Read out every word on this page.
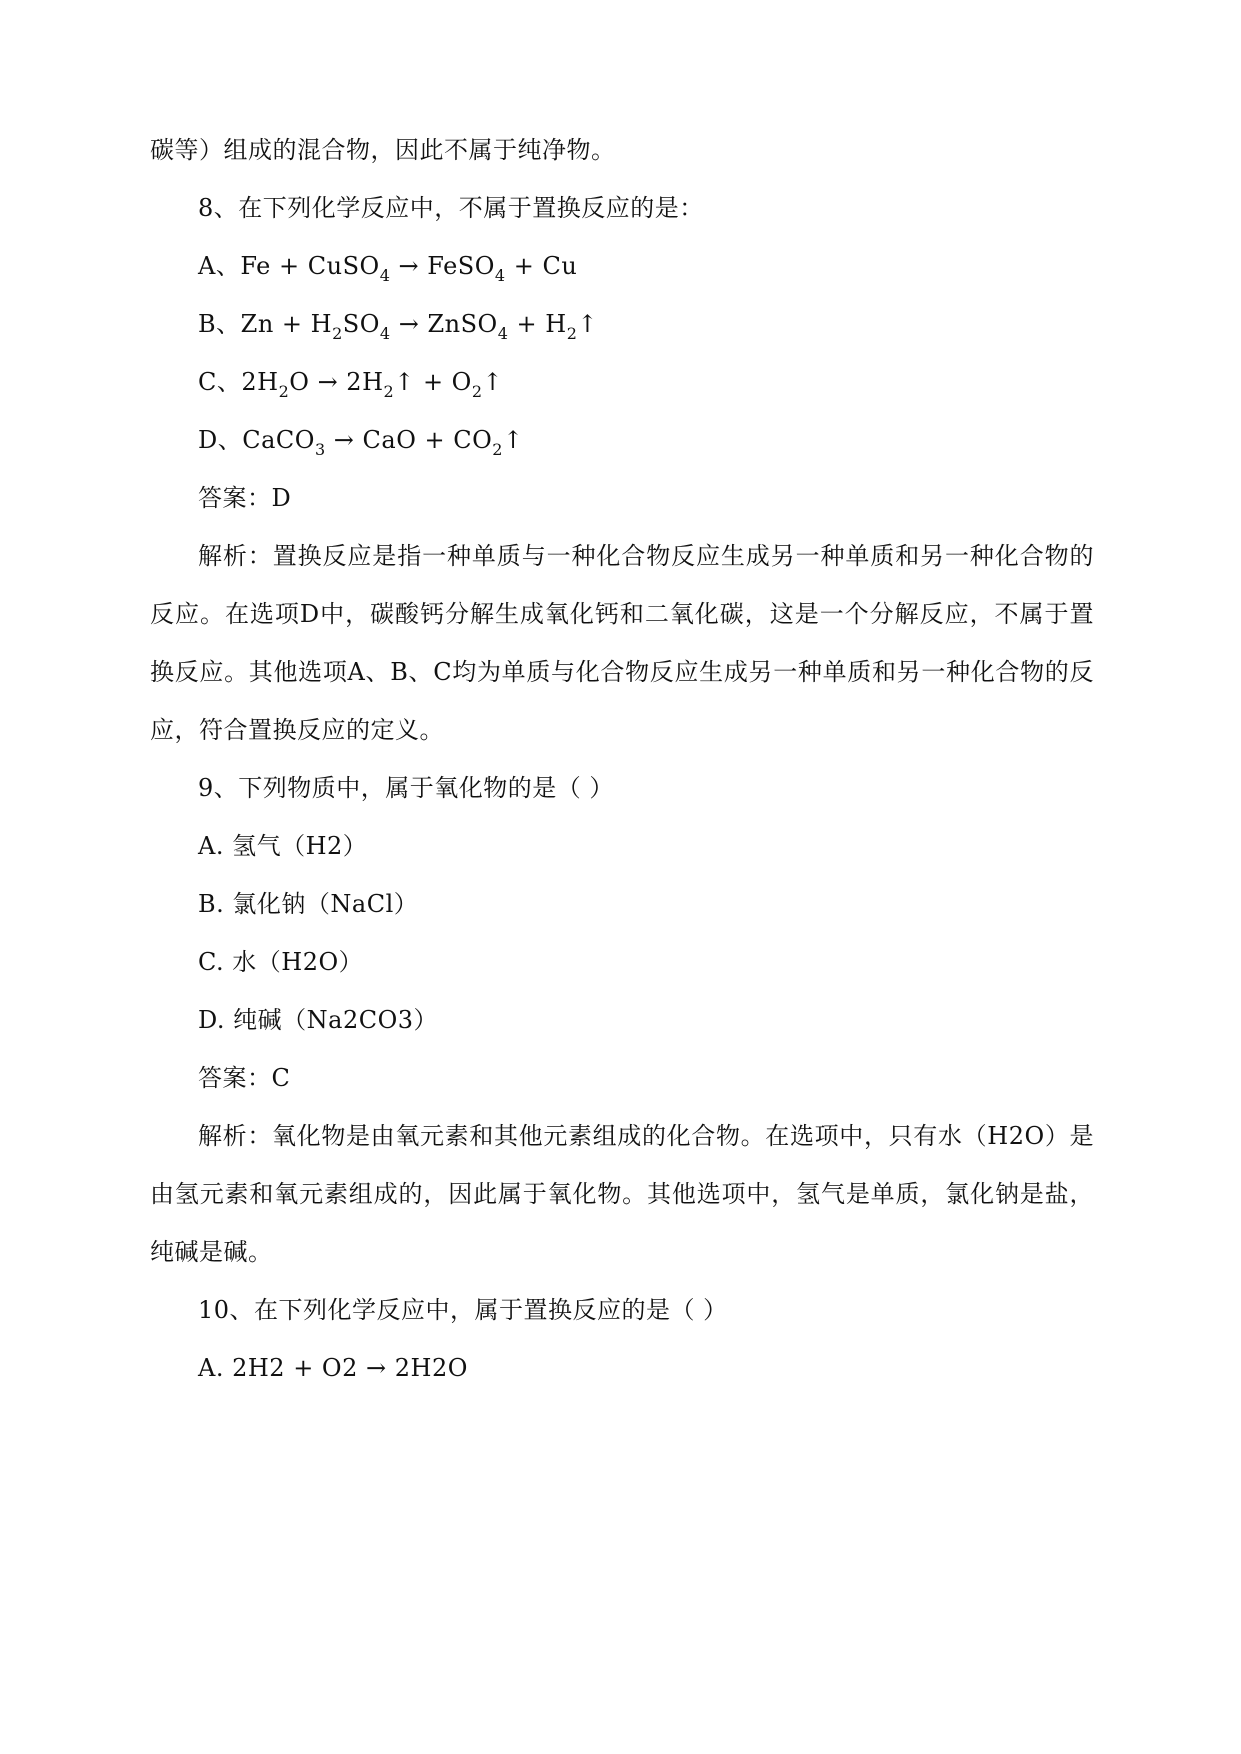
碳等）组成的混合物，因此不属于纯净物。
8、在下列化学反应中，不属于置换反应的是：
A、Fe + CuSO$_4$ → FeSO$_4$ + Cu
B、$Zn + H_2SO_4$ → ZnSO$_4$ + $H_2↑$
C、$2H_2O$ → $2H_2↑$ + $O_2↑$
D、CaCO$_3$ → CaO + $CO_2↑$
答案：D
解析：置换反应是指一种单质与一种化合物反应生成另一种单质和另一种化合物的
反应。在选项D中，碳酸钙分解生成氧化钙和二氧化碳，这是一个分解反应，不属于置
换反应。其他选项A、B、C均为单质与化合物反应生成另一种单质和另一种化合物的反
应，符合置换反应的定义。
9、下列物质中，属于氧化物的是（ ）
A. 氢气（H2）
B. 氯化钠（NaCl）
C. 水（H2O）
D. 纯碱（Na2CO3）
答案：C
解析：氧化物是由氧元素和其他元素组成的化合物。在选项中，只有水（H2O）是
由氢元素和氧元素组成的，因此属于氧化物。其他选项中，氢气是单质，氯化钠是盐，
纯碱是碱。
10、在下列化学反应中，属于置换反应的是（ ）
A. 2H2 + O2 → 2H2O
